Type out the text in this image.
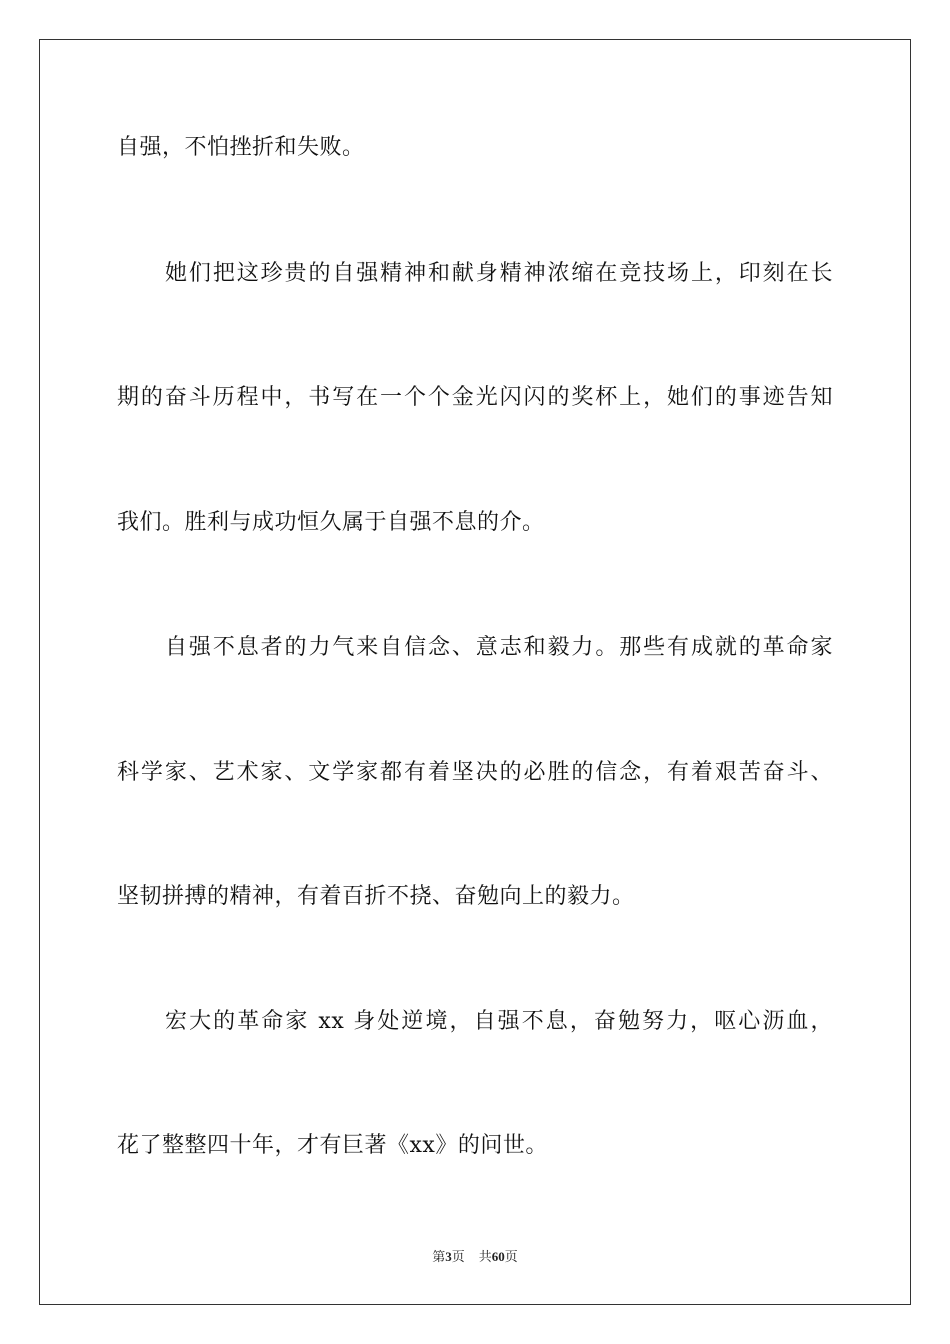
自强，不怕挫折和失败。
她们把这珍贵的自强精神和献身精神浓缩在竞技场上，印刻在长
期的奋斗历程中，书写在一个个金光闪闪的奖杯上，她们的事迹告知
我们。胜利与成功恒久属于自强不息的介。
自强不息者的力气来自信念、意志和毅力。那些有成就的革命家
科学家、艺术家、文学家都有着坚决的必胜的信念，有着艰苦奋斗、
坚韧拼搏的精神，有着百折不挠、奋勉向上的毅力。
宏大的革命家 xx 身处逆境，自强不息，奋勉努力，呕心沥血，
花了整整四十年，才有巨著《xx》的问世。
第3页 共60页
